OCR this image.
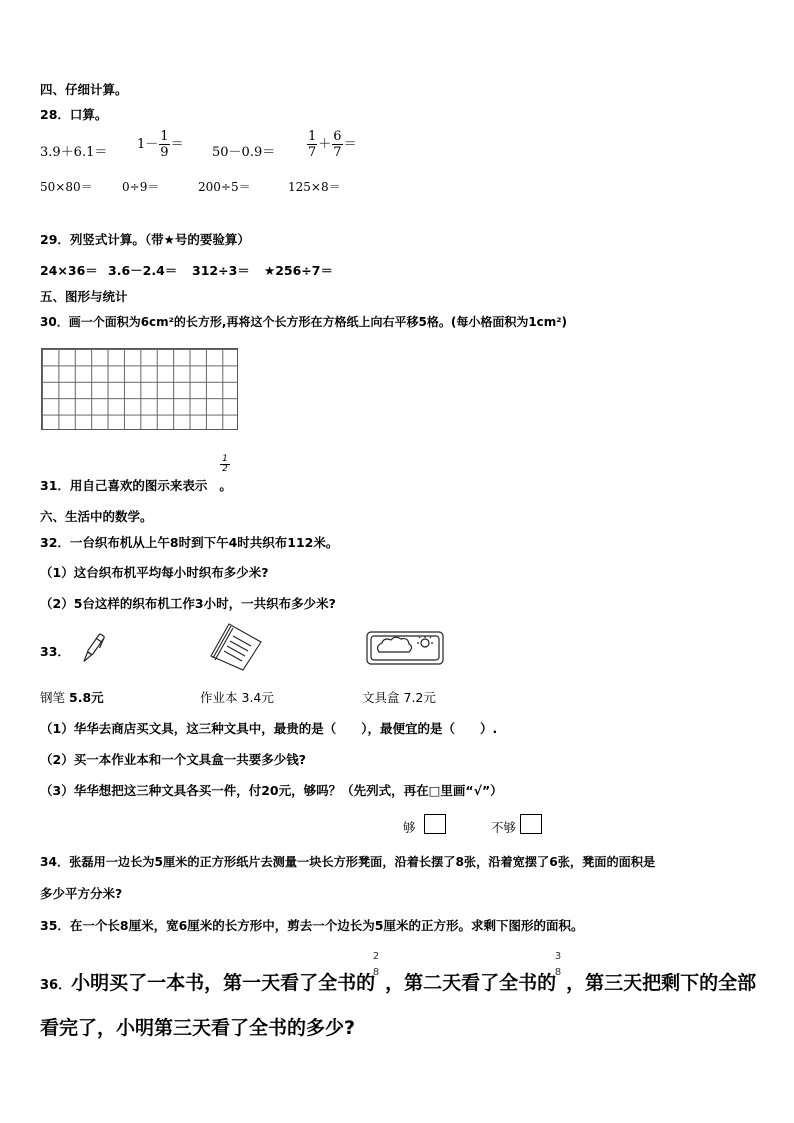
四、仔细计算。
28．口算。
3.9＋6.1＝
$1- \frac{1}{9}$ ＝
$50-0.9= \frac{1}{7} + \frac{6}{7}$ ＝
50×80＝ 0÷9＝	200÷5＝	125×8＝
29．列竖式计算。（带★号的要验算）
24×36＝ 3.6－2.4＝ 312÷3＝ ★256÷7＝
五、图形与统计
30．画一个面积为6cm²的长方形,再将这个长方形在方格纸上向右平移5格。(每小格面积为1cm²)
31．用自己喜欢的图示来表示 。
$\frac{1}{2}$
六、生活中的数学。
32．一台织布机从上午8时到下午4时共织布112米。
（1）这台织布机平均每小时织布多少米?
（2）5台这样的织布机工作3小时，一共织布多少米?
33．
钢笔 5.8元	作业本 3.4元	文具盒 7.2元
（1）华华去商店买文具，这三种文具中，最贵的是（　　），最便宜的是（　　）.
（2）买一本作业本和一个文具盒一共要多少钱?
（3）华华想把这三种文具各买一件，付20元，够吗？（先列式，再在□里画“√”）
够	不够
34．张磊用一边长为5厘米的正方形纸片去测量一块长方形凳面，沿着长摆了8张，沿着宽摆了6张，凳面的面积是
多少平方分米?
35．在一个长8厘米，宽6厘米的长方形中，剪去一个边长为5厘米的正方形。求剩下图形的面积。
36．小明买了一本书，第一天看了全书的 ，第二天看了全书的 ，第三天把剩下的全部
2
8
3
8
看完了，小明第三天看了全书的多少?
